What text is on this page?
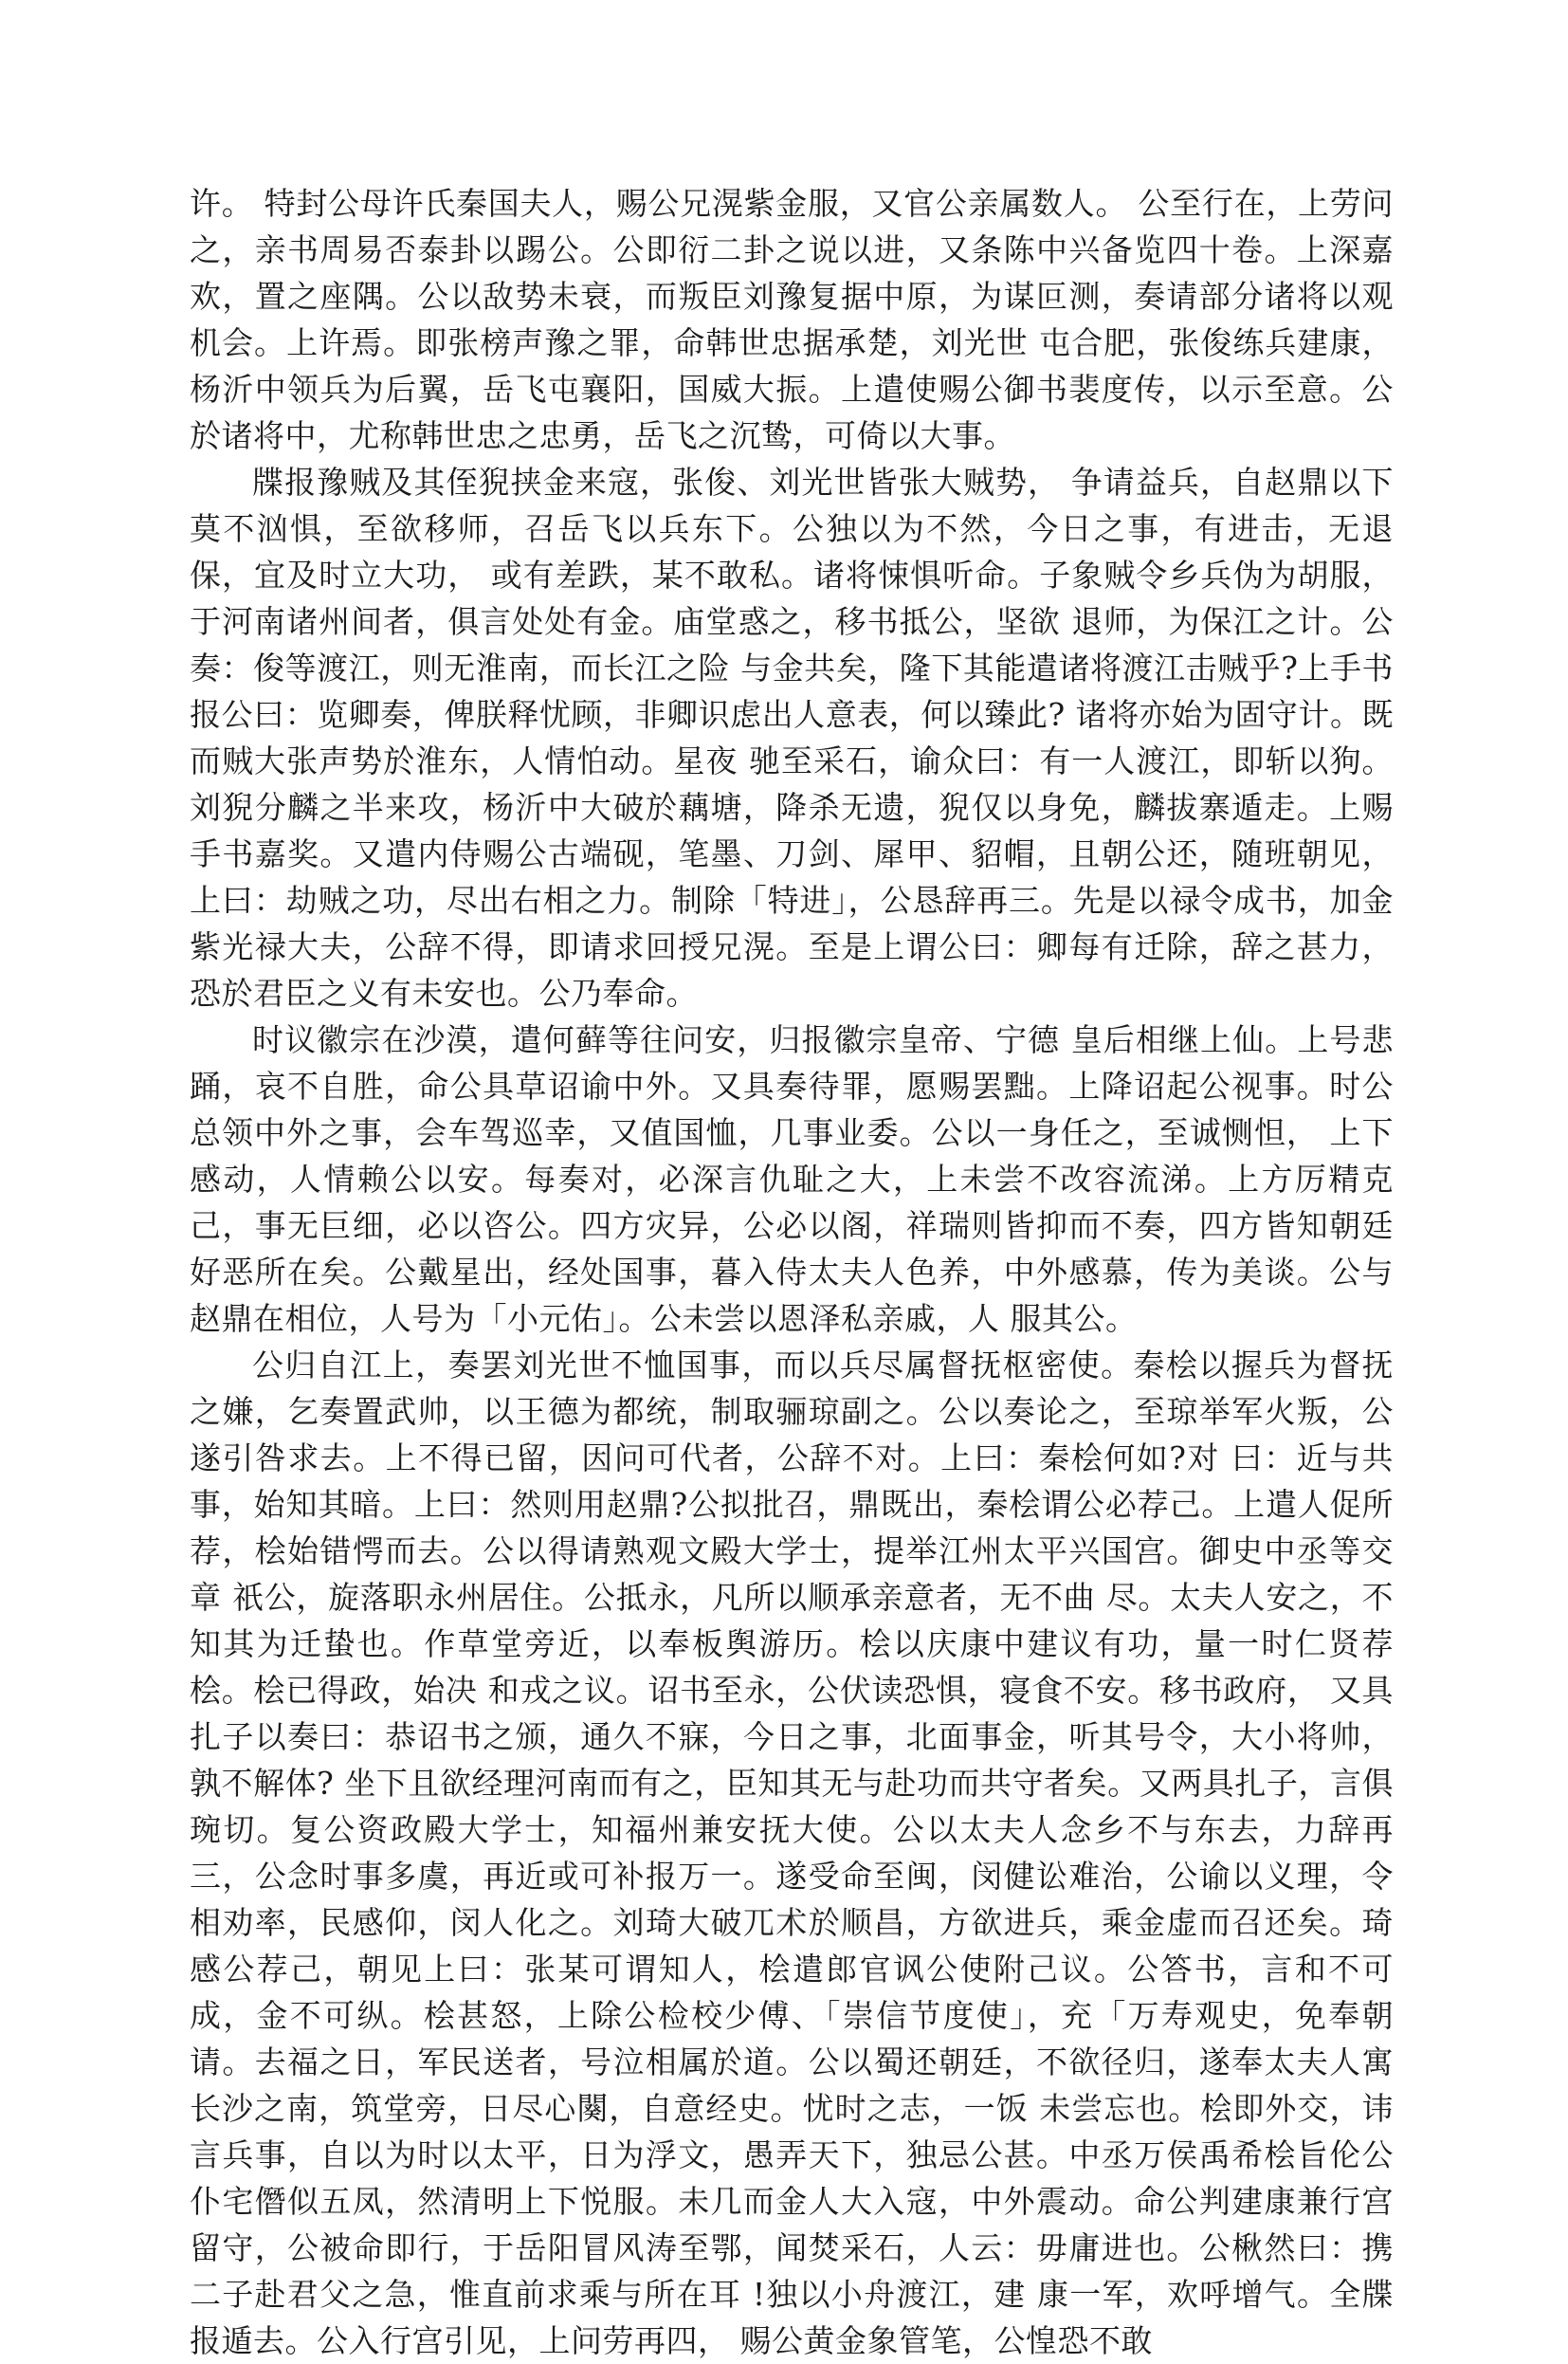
许。 特封公母许氏秦国夫人，赐公兄滉紫金服，又官公亲属数人。 公至行在，上劳问之，亲书周易否泰卦以踢公。公即衍二卦之说以进，又条陈中兴备览四十卷。上深嘉欢，置之座隅。公以敌势未衰，而叛臣刘豫复据中原，为谋叵测，奏请部分诸将以观机会。上许焉。即张榜声豫之罪，命韩世忠据承楚，刘光世 屯合肥，张俊练兵建康，杨沂中领兵为后翼，岳飞屯襄阳，国威大振。上遣使赐公御书裴度传，以示至意。公於诸将中，尤称韩世忠之忠勇，岳飞之沉鸷，可倚以大事。

牒报豫贼及其侄猊挟金来寇，张俊、刘光世皆张大贼势， 争请益兵，自赵鼎以下莫不汹惧，至欲移师，召岳飞以兵东下。公独以为不然，今日之事，有进击，无退保，宜及时立大功， 或有差跌，某不敢私。诸将悚惧听命。子象贼令乡兵伪为胡服， 于河南诸州间者，俱言处处有金。庙堂惑之，移书抵公，坚欲 退师，为保江之计。公奏：俊等渡江，则无淮南，而长江之险 与金共矣，隆下其能遣诸将渡江击贼乎?上手书报公曰：览卿奏，俾朕释忧顾，非卿识虑出人意表，何以臻此? 诸将亦始为固守计。既而贼大张声势於淮东，人情怕动。星夜 驰至采石，谕众曰：有一人渡江，即斩以狗。刘猊分麟之半来攻，杨沂中大破於藕塘，降杀无遗，猊仅以身免，麟拔寨遁走。上赐手书嘉奖。又遣内侍赐公古端砚，笔墨、刀剑、犀甲、貂帽，且朝公还，随班朝见，上曰：劫贼之功，尽出右相之力。制除「特进」，公恳辞再三。先是以禄令成书，加金紫光禄大夫，公辞不得，即请求回授兄滉。至是上谓公曰：卿每有迁除，辞之甚力，恐於君臣之义有未安也。公乃奉命。

时议徽宗在沙漠，遣何藓等往问安，归报徽宗皇帝、宁德 皇后相继上仙。上号悲踊，哀不自胜，命公具草诏谕中外。又具奏待罪，愿赐罢黜。上降诏起公视事。时公总领中外之事，会车驾巡幸，又值国恤，几事业委。公以一身任之，至诚恻怛， 上下感动，人情赖公以安。每奏对，必深言仇耻之大，上未尝不改容流涕。上方厉精克己，事无巨细，必以咨公。四方灾异，公必以阁，祥瑞则皆抑而不奏，四方皆知朝廷好恶所在矣。公戴星出，经处国事，暮入侍太夫人色养，中外感慕，传为美谈。公与赵鼎在相位，人号为「小元佑」。公未尝以恩泽私亲戚，人 服其公。

公归自江上，奏罢刘光世不恤国事，而以兵尽属督抚枢密使。秦桧以握兵为督抚之嫌，乞奏置武帅，以王德为都统，制取骊琼副之。公以奏论之，至琼举军火叛，公遂引咎求去。上不得已留，因问可代者，公辞不对。上曰：秦桧何如?对 曰：近与共事，始知其暗。上曰：然则用赵鼎?公拟批召，鼎既出，秦桧谓公必荐己。上遣人促所荐，桧始错愕而去。公以得请熟观文殿大学士，提举江州太平兴国宫。御史中丞等交章 祇公，旋落职永州居住。公抵永，凡所以顺承亲意者，无不曲 尽。太夫人安之，不知其为迁蛰也。作草堂旁近，以奉板舆游历。桧以庆康中建议有功，量一时仁贤荐桧。桧已得政，始决 和戎之议。诏书至永，公伏读恐惧，寝食不安。移书政府， 又具扎子以奏曰：恭诏书之颁，通久不寐，今日之事，北面事金，听其号令，大小将帅，孰不解体? 坐下且欲经理河南而有之，臣知其无与赴功而共守者矣。又两具扎子，言俱琬切。复公资政殿大学士，知福州兼安抚大使。公以太夫人念乡不与东去，力辞再三，公念时事多虞，再近或可补报万一。遂受命至闽，闵健讼难治，公谕以义理，令相劝率，民感仰，闵人化之。刘琦大破兀术於顺昌，方欲进兵，乘金虚而召还矣。琦感公荐己，朝见上曰：张某可谓知人，桧遣郎官讽公使附己议。公答书，言和不可成，金不可纵。桧甚怒，上除公检校少傅、「崇信节度使」，充「万寿观史，免奉朝请。去福之日，军民送者，号泣相属於道。公以蜀还朝廷，不欲径归，遂奉太夫人寓长沙之南，筑堂旁，日尽心闋，自意经史。忧时之志，一饭 未尝忘也。桧即外交，讳言兵事，自以为时以太平，日为浮文，愚弄天下，独忌公甚。中丞万侯禹希桧旨伦公仆宅僭似五凤，然清明上下悦服。未几而金人大入寇，中外震动。命公判建康兼行宫留守，公被命即行，于岳阳冒风涛至鄂，闻焚采石，人云：毋庸进也。公楸然曰：携二子赴君父之急，惟直前求乘与所在耳 !独以小舟渡江，建 康一军，欢呼增气。全牒报遁去。公入行宫引见，上问劳再四， 赐公黄金象管笔，公惶恐不敢
